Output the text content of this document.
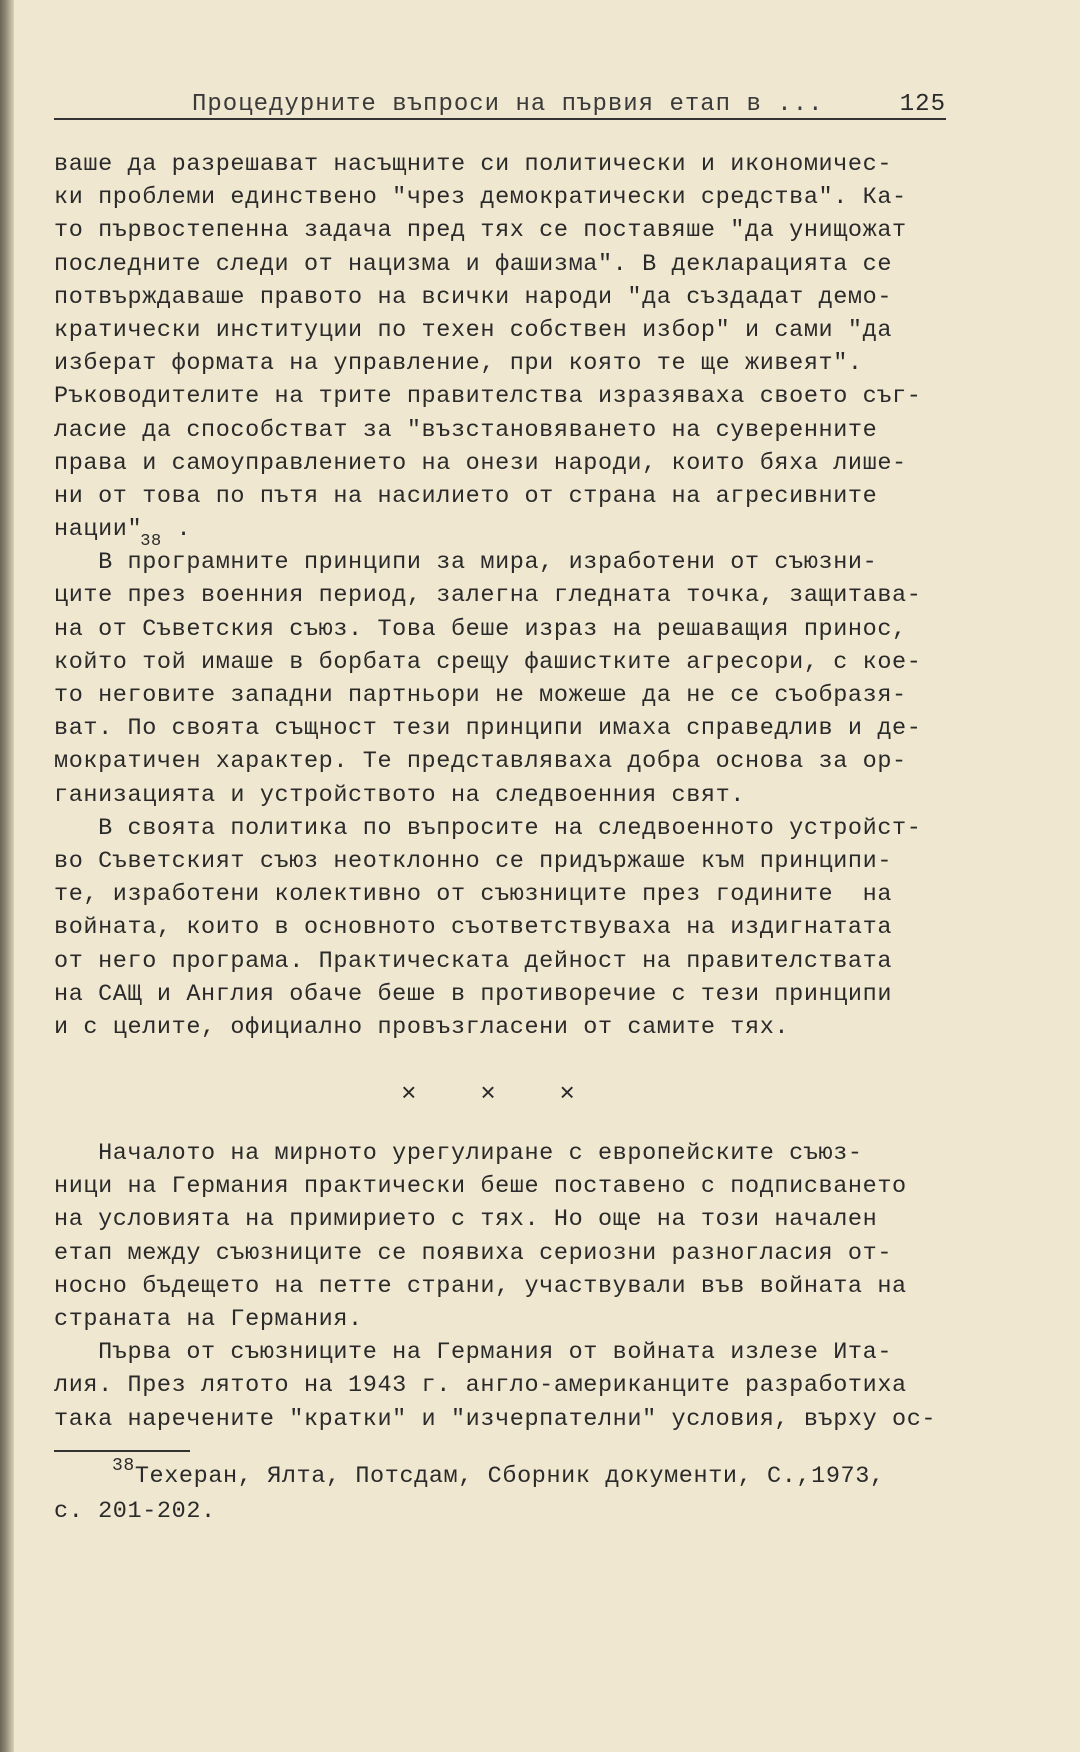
Процедурните въпроси на първия етап в ...	125
ваше да разрешават насъщните си политически и икономичес-
ки проблеми единствено "чрез демократически средства". Ка-
то първостепенна задача пред тях се поставяше "да унищожат
последните следи от нацизма и фашизма". В декларацията се
потвърждаваше правото на всички народи "да създадат демо-
кратически институции по техен собствен избор" и сами "да
изберат формата на управление, при която те ще живеят".
Ръководителите на трите правителства изразяваха своето съг-
ласие да способстват за "възстановяването на суверенните
права и самоуправлението на онези народи, които бяха лише-
ни от това по пътя на насилието от страна на агресивните
$нации"_{38}$ .
В програмните принципи за мира, изработени от съюзни-
ците през военния период, залегна гледната точка, защитава-
на от Съветския съюз. Това беше израз на решаващия принос,
който той имаше в борбата срещу фашистките агресори, с кое-
то неговите западни партньори не можеше да не се съобразя-
ват. По своята същност тези принципи имаха справедлив и де-
мократичен характер. Те представляваха добра основа за ор-
ганизацията и устройството на следвоенния свят.
В своята политика по въпросите на следвоенното устройст-
во Съветският съюз неотклонно се придържаше към принципи-
те, изработени колективно от съюзниците през годините  на
войната, които в основното съответствуваха на издигнатата
от него програма. Практическата дейност на правителствата
на САЩ и Англия обаче беше в противоречие с тези принципи
и с целите, официално провъзгласени от самите тях.
× × ×
Началото на мирното урегулиране с европейските съюз-
ници на Германия практически беше поставено с подписването
на условията на примирието с тях. Но още на този начален
етап между съюзниците се появиха сериозни разногласия от-
носно бъдещето на петте страни, участвували във войната на
страната на Германия.
Първа от съюзниците на Германия от войната излезе Ита-
лия. През лятото на 1943 г. англо-американците разработиха
така наречените "кратки" и "изчерпателни" условия, върху ос-
$^{38}$Техеран, Ялта, Потсдам, Сборник документи, С.,1973,
с. 201-202.
